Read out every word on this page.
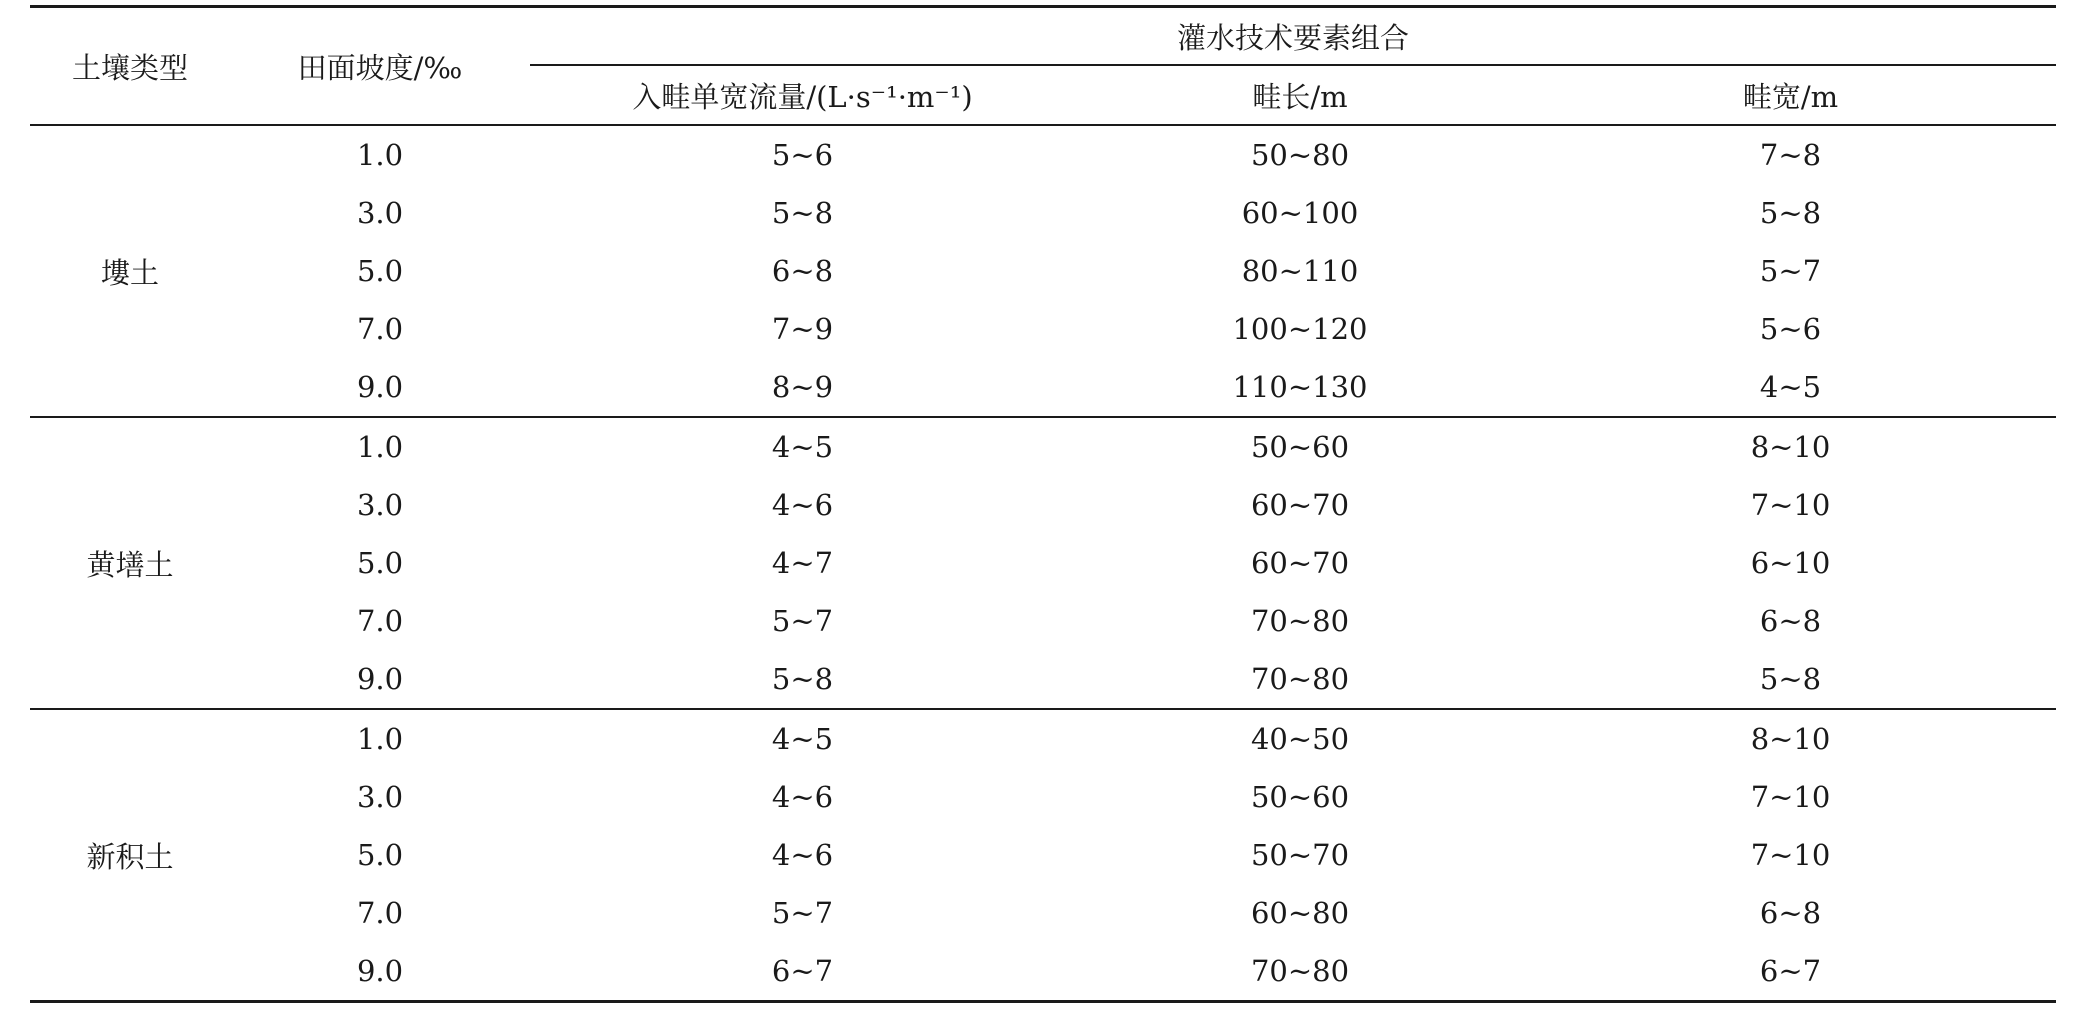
土壤类型	田面坡度/‰	灌水技术要素组合		
		入畦单宽流量/(L·s⁻¹·m⁻¹)	畦长/m	畦宽/m
塿土	1.0	5~6	50~80	7~8
	3.0	5~8	60~100	5~8
	5.0	6~8	80~110	5~7
	7.0	7~9	100~120	5~6
	9.0	8~9	110~130	4~5
黄墡土	1.0	4~5	50~60	8~10
	3.0	4~6	60~70	7~10
	5.0	4~7	60~70	6~10
	7.0	5~7	70~80	6~8
	9.0	5~8	70~80	5~8
新积土	1.0	4~5	40~50	8~10
	3.0	4~6	50~60	7~10
	5.0	4~6	50~70	7~10
	7.0	5~7	60~80	6~8
	9.0	6~7	70~80	6~7
